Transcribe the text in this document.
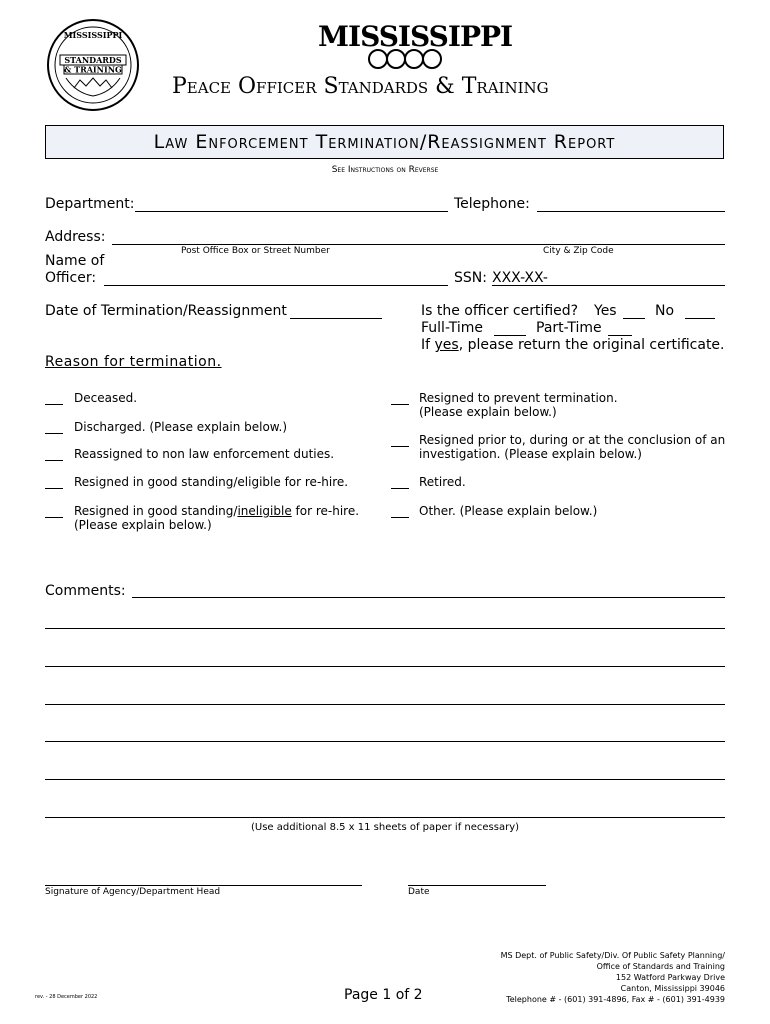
STANDARDS
& TRAINING
MISSISSIPPI	MISSISSIPPI
Peace Officer Standards & Training
Law Enforcement Termination/Reassignment Report
See Instructions on Reverse
Department:	Telephone:
Address:
Post Office Box or Street Number	City & Zip Code
Name of
Officer:	SSN: XXX-XX-
Date of Termination/Reassignment	Is the officer certified? Yes	No
Full-Time	Part-Time
If yes, please return the original certificate.
Reason for termination.
Deceased.
Discharged. (Please explain below.)
Reassigned to non law enforcement duties.
Resigned in good standing/eligible for re-hire.
Resigned in good standing/ineligible for re-hire.
(Please explain below.)
Resigned to prevent termination.
(Please explain below.)
Resigned prior to, during or at the conclusion of an
investigation. (Please explain below.)
Retired.
Other. (Please explain below.)
Comments:
(Use additional 8.5 x 11 sheets of paper if necessary)
Signature of Agency/Department Head	Date
MS Dept. of Public Safety/Div. Of Public Safety Planning/
Office of Standards and Training
152 Watford Parkway Drive
Canton, Mississippi 39046
Telephone # - (601) 391-4896, Fax # - (601) 391-4939
Page 1 of 2
rev. - 28 December 2022
